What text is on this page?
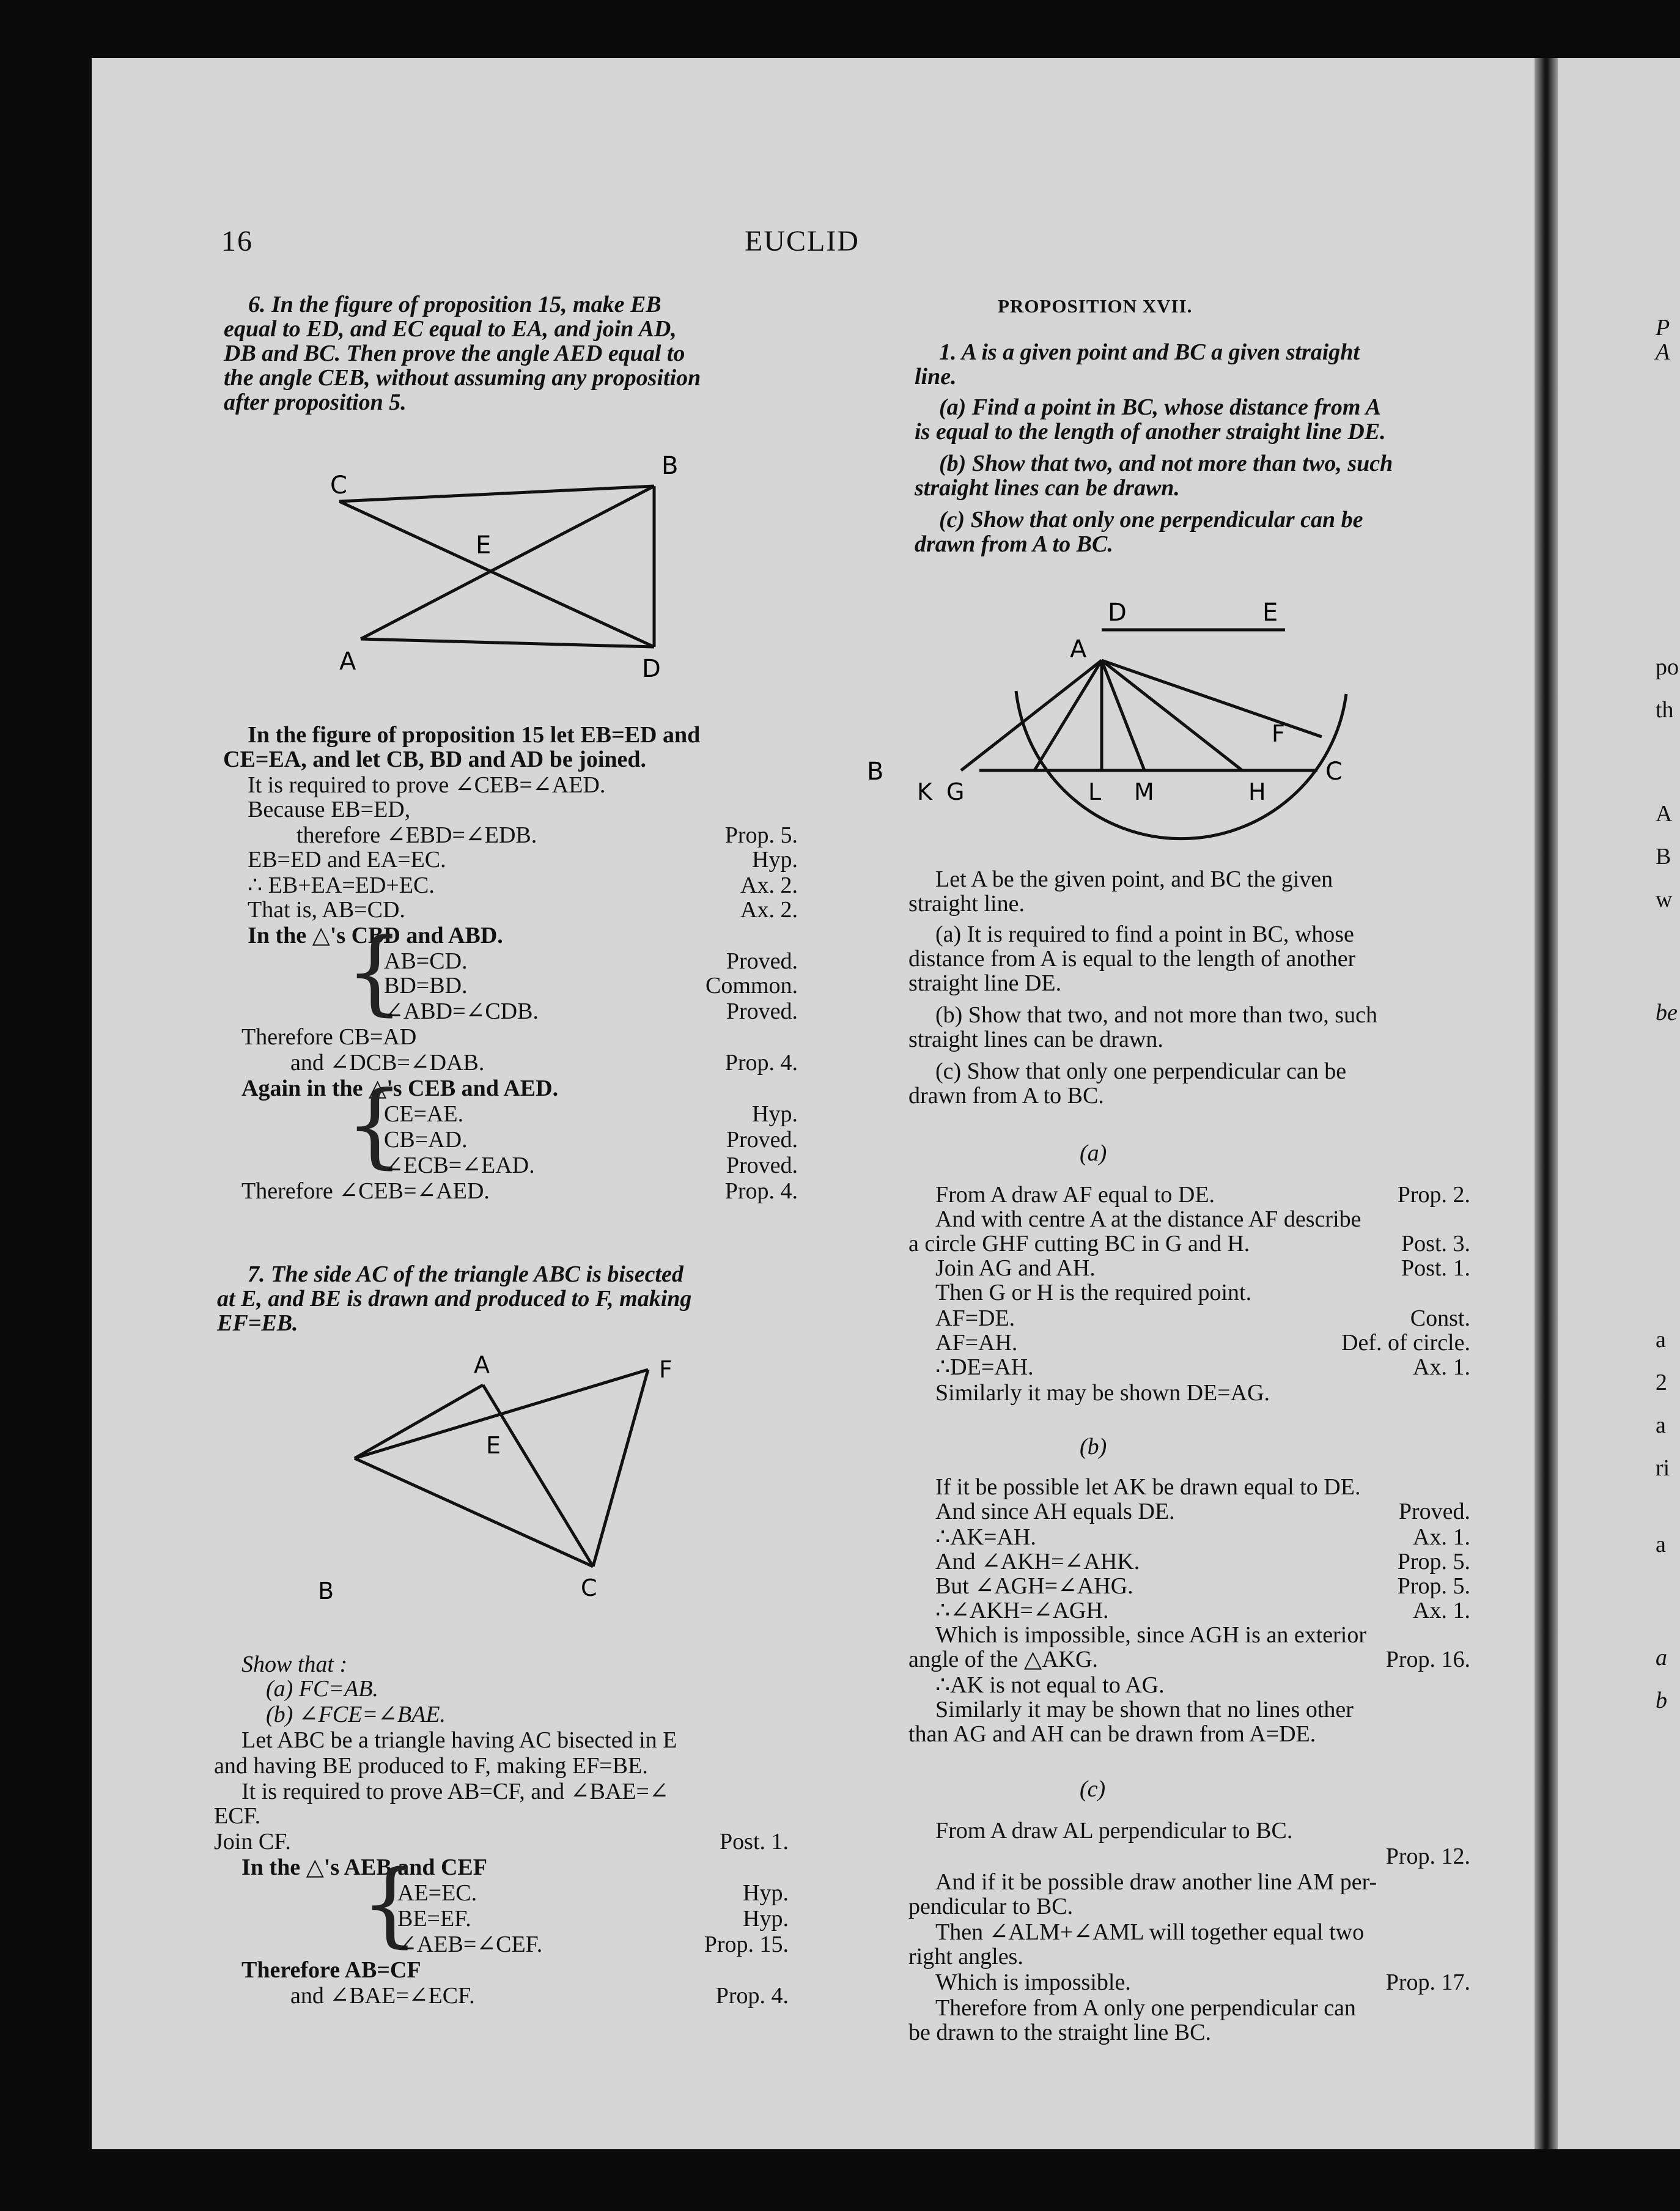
16	EUCLID
6. In the figure of proposition 15, make EB
equal to ED, and EC equal to EA, and join AD,
DB and BC. Then prove the angle AED equal to
the angle CEB, without assuming any proposition
after proposition 5.
C
B
E
A	D
In the figure of proposition 15 let EB=ED and
CE=EA, and let CB, BD and AD be joined.
It is required to prove ∠CEB=∠AED.
Because EB=ED,
therefore ∠EBD=∠EDB.	Prop. 5.
EB=ED and EA=EC.	Hyp.
∴ EB+EA=ED+EC.	Ax. 2.
That is, AB=CD.	Ax. 2.
In the △'s CBD and ABD.
{
AB=CD.	Proved.
BD=BD.	Common.
∠ABD=∠CDB.	Proved.
Therefore CB=AD
and ∠DCB=∠DAB.	Prop. 4.
Again in the △'s CEB and AED.
{
CE=AE.	Hyp.
CB=AD.	Proved.
∠ECB=∠EAD.	Proved.
Therefore ∠CEB=∠AED.	Prop. 4.
7. The side AC of the triangle ABC is bisected
at E, and BE is drawn and produced to F, making
EF=EB.
A	F
E
B	C
Show that :
(a) FC=AB.
(b) ∠FCE=∠BAE.
Let ABC be a triangle having AC bisected in E
and having BE produced to F, making EF=BE.
It is required to prove AB=CF, and ∠BAE=∠
ECF.
Join CF.	Post. 1.
In the △'s AEB and CEF
{
AE=EC.	Hyp.
BE=EF.	Hyp.
∠AEB=∠CEF.	Prop. 15.
Therefore AB=CF
and ∠BAE=∠ECF.	Prop. 4.
PROPOSITION XVII.
1. A is a given point and BC a given straight
line.
(a) Find a point in BC, whose distance from A
is equal to the length of another straight line DE.
(b) Show that two, and not more than two, such
straight lines can be drawn.
(c) Show that only one perpendicular can be
drawn from A to BC.
D	E
A
F
B	C
K G	L M	H
Let A be the given point, and BC the given
straight line.
(a) It is required to find a point in BC, whose
distance from A is equal to the length of another
straight line DE.
(b) Show that two, and not more than two, such
straight lines can be drawn.
(c) Show that only one perpendicular can be
drawn from A to BC.
(a)
From A draw AF equal to DE.	Prop. 2.
And with centre A at the distance AF describe
a circle GHF cutting BC in G and H.	Post. 3.
Join AG and AH.	Post. 1.
Then G or H is the required point.
AF=DE.	Const.
AF=AH.	Def. of circle.
∴DE=AH.	Ax. 1.
Similarly it may be shown DE=AG.
(b)
If it be possible let AK be drawn equal to DE.
And since AH equals DE.	Proved.
∴AK=AH.	Ax. 1.
And ∠AKH=∠AHK.	Prop. 5.
But ∠AGH=∠AHG.	Prop. 5.
∴∠AKH=∠AGH.	Ax. 1.
Which is impossible, since AGH is an exterior
angle of the △AKG.	Prop. 16.
∴AK is not equal to AG.
Similarly it may be shown that no lines other
than AG and AH can be drawn from A=DE.
(c)
From A draw AL perpendicular to BC.
Prop. 12.
And if it be possible draw another line AM per-
pendicular to BC.
Then ∠ALM+∠AML will together equal two
right angles.
Which is impossible.	Prop. 17.
Therefore from A only one perpendicular can
be drawn to the straight line BC.
P
A
po
th
A
B
w
be
a
2
a
ri
a
a
b
